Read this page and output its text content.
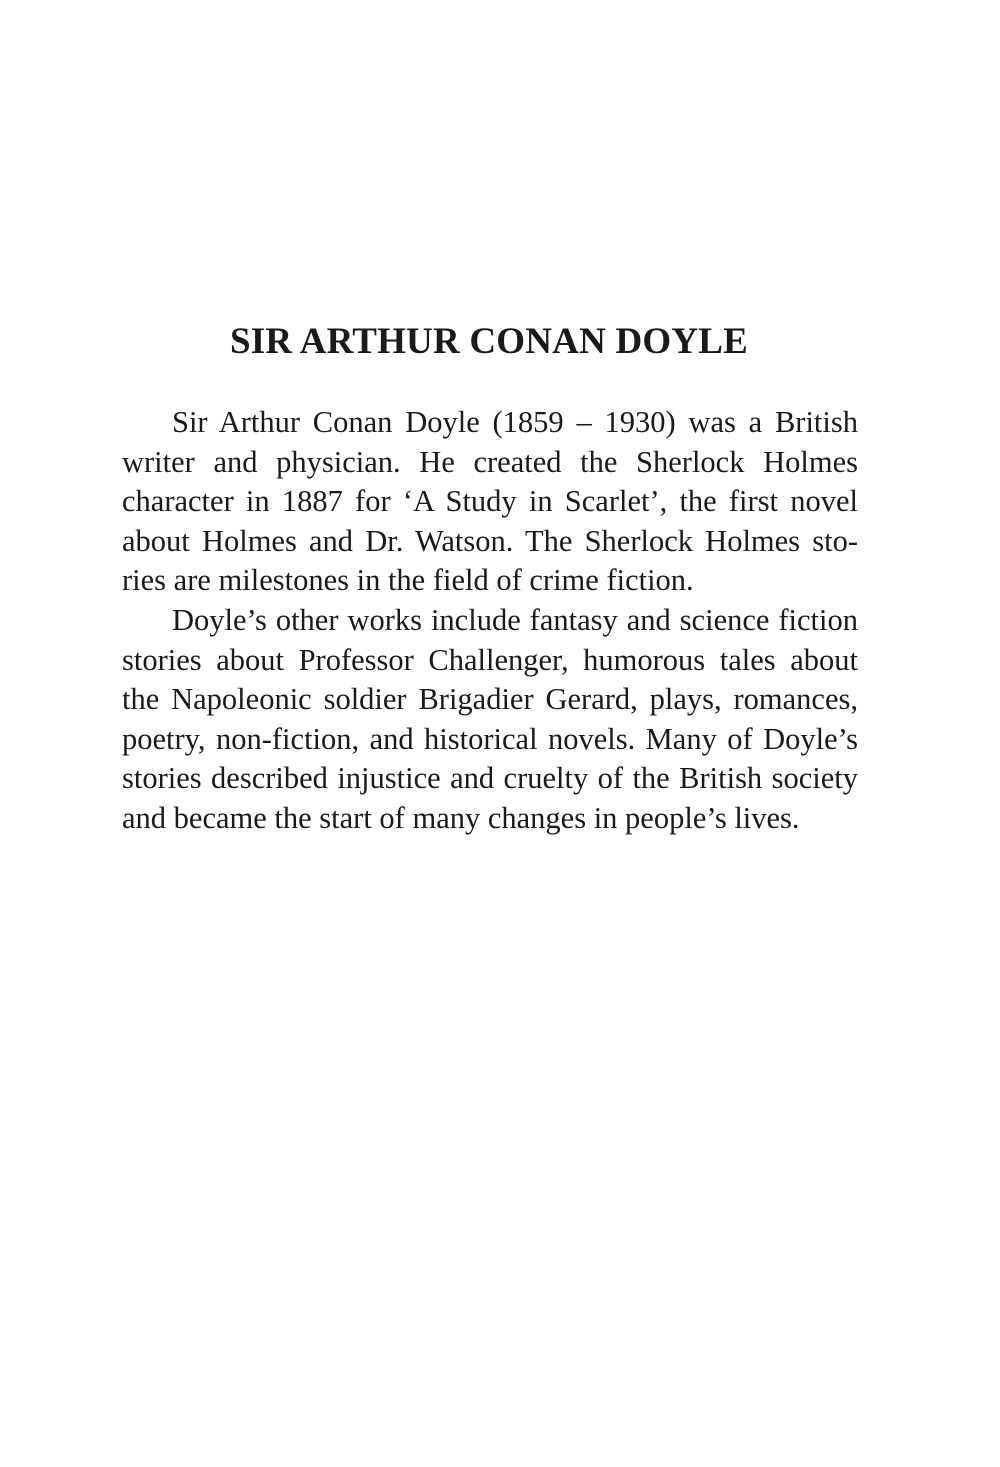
SIR ARTHUR CONAN DOYLE
Sir Arthur Conan Doyle (1859 – 1930) was a British
writer and physician. He created the Sherlock Holmes
character in 1887 for ‘A Study in Scarlet’, the first novel
about Holmes and Dr. Watson. The Sherlock Holmes sto-
ries are milestones in the field of crime fiction.
Doyle’s other works include fantasy and science fiction
stories about Professor Challenger, humorous tales about
the Napoleonic soldier Brigadier Gerard, plays, romances,
poetry, non-fiction, and historical novels. Many of Doyle’s
stories described injustice and cruelty of the British society
and became the start of many changes in people’s lives.
